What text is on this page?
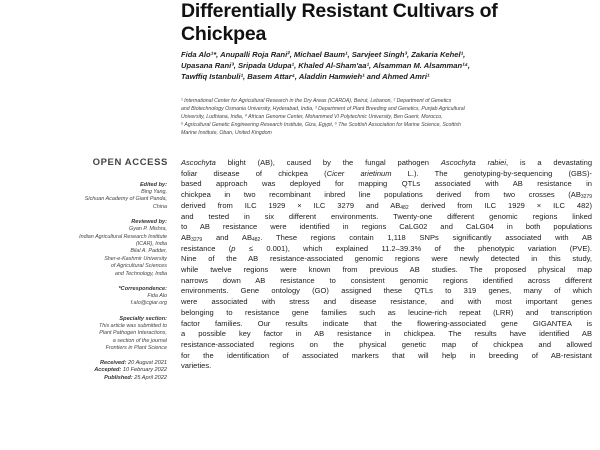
Differentially Resistant Cultivars of
Chickpea
Fida Alo¹*, Anupalli Roja Rani², Michael Baum¹, Sarvjeet Singh³, Zakaria Kehel¹,
Upasana Rani³, Sripada Udupa¹, Khaled Al-Sham'aa¹, Alsamman M. Alsamman¹⁴,
Tawffiq Istanbuli¹, Basem Attar⁴, Aladdin Hamwieh¹ and Ahmed Amri¹
¹ International Center for Agricultural Research in the Dry Areas (ICARDA), Beirut, Lebanon, ² Department of Genetics
and Biotechnology Osmania University, Hyderabad, India, ³ Department of Plant Breeding and Genetics, Punjab Agricultural
University, Ludhiana, India, ⁴ African Genome Center, Mohammed VI Polytechnic University, Ben Guerir, Morocco,
⁵ Agricultural Genetic Engineering Research Institute, Giza, Egypt, ⁶ The Scottish Association for Marine Science, Scottish
Marine Institute, Oban, United Kingdom
OPEN ACCESS
Edited by:
Bing Yang,
Sichuan Academy of Giant Panda,
China
Reviewed by:
Gyan P. Mishra,
Indian Agricultural Research Institute
(ICAR), India
Bilal A. Padder,
Sher-e-Kashmir University
of Agricultural Sciences
and Technology, India
*Correspondence:
Fida Alo
f.alo@cgiar.org
Specialty section:
This article was submitted to
Plant Pathogen Interactions,
a section of the journal
Frontiers in Plant Science
Received: 20 August 2021
Accepted: 10 February 2022
Published: 25 April 2022
Ascochyta blight (AB), caused by the fungal pathogen Ascochyta rabiei, is a devastating
foliar disease of chickpea (Cicer arietinum L.). The genotyping-by-sequencing (GBS)-
based approach was deployed for mapping QTLs associated with AB resistance in
chickpea in two recombinant inbred line populations derived from two crosses ($AB_{3279}$
derived from ILC 1929 × ILC 3279 and $AB_{482}$ derived from ILC 1929 × ILC 482)
and tested in six different environments. Twenty-one different genomic regions linked
to AB resistance were identified in regions CaLG02 and CaLG04 in both populations
$AB_{3279}$ and $AB_{482}$. These regions contain 1,118 SNPs significantly associated with AB
resistance (p ≤ 0.001), which explained 11.2–39.3% of the phenotypic variation (PVE).
Nine of the AB resistance-associated genomic regions were newly detected in this study,
while twelve regions were known from previous AB studies. The proposed physical map
narrows down AB resistance to consistent genomic regions identified across different
environments. Gene ontology (GO) assigned these QTLs to 319 genes, many of which
were associated with stress and disease resistance, and with most important genes
belonging to resistance gene families such as leucine-rich repeat (LRR) and transcription
factor families. Our results indicate that the flowering-associated gene GIGANTEA is
a possible key factor in AB resistance in chickpea. The results have identified AB
resistance-associated regions on the physical genetic map of chickpea and allowed
for the identification of associated markers that will help in breeding of AB-resistant
varieties.
